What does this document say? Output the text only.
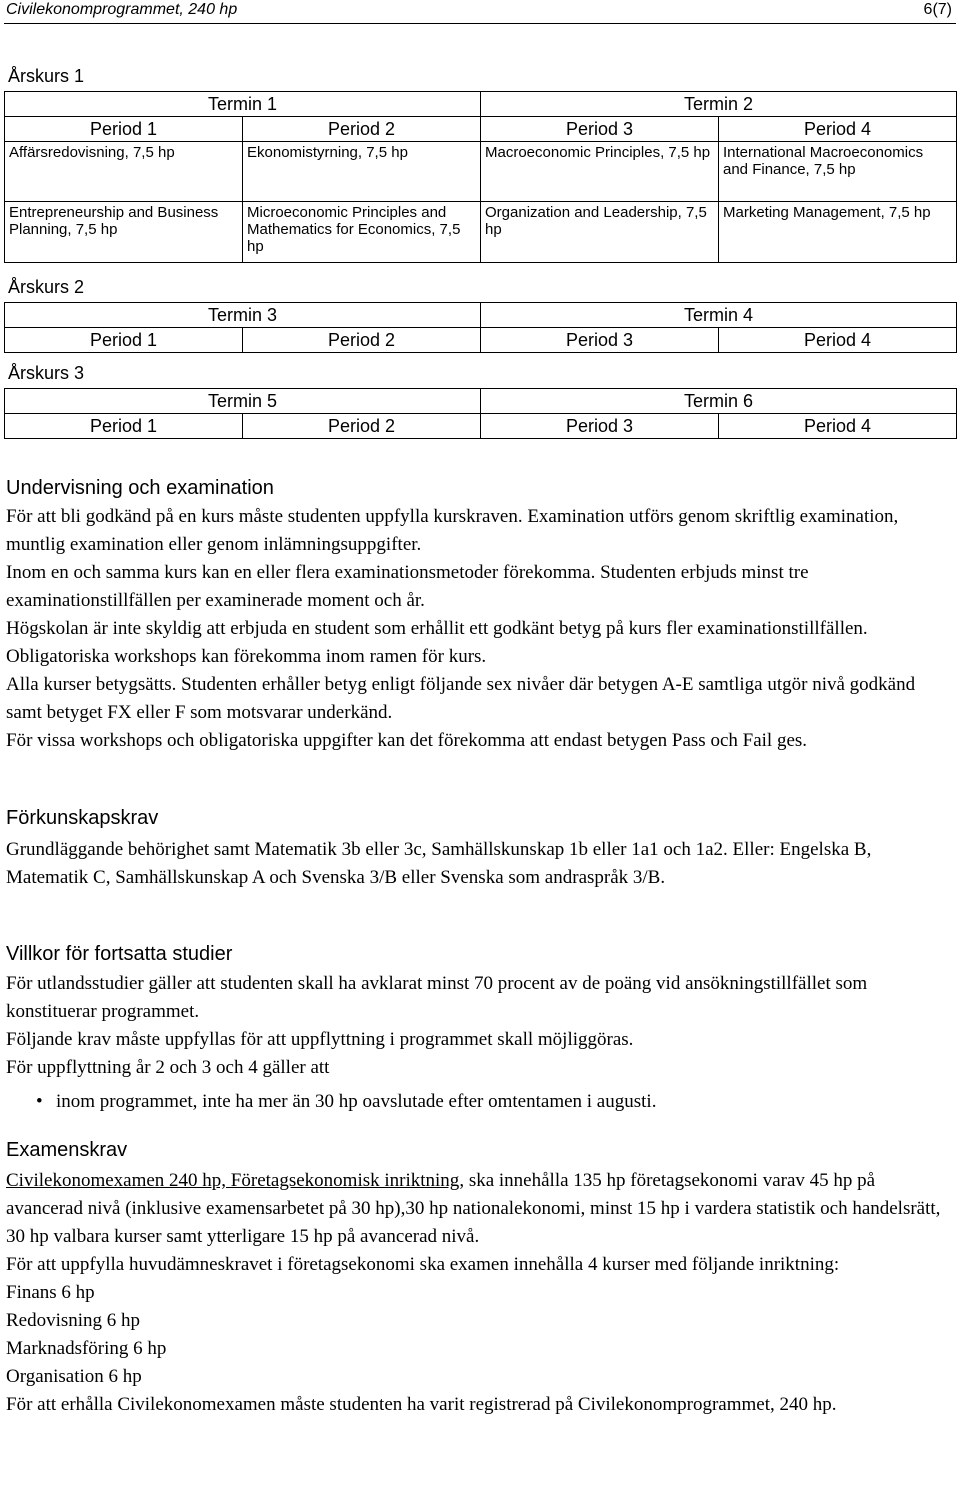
Civilekonomprogrammet, 240 hp	6(7)
Årskurs 1
Termin 1		Termin 2	
Period 1	Period 2	Period 3	Period 4
Affärsredovisning, 7,5 hp	Ekonomistyrning, 7,5 hp	Macroeconomic Principles, 7,5 hp	International Macroeconomics and Finance, 7,5 hp
Entrepreneurship and Business Planning, 7,5 hp	Microeconomic Principles and Mathematics for Economics, 7,5 hp	Organization and Leadership, 7,5 hp	Marketing Management, 7,5 hp
Årskurs 2
Termin 3		Termin 4	
Period 1	Period 2	Period 3	Period 4
Årskurs 3
Termin 5		Termin 6	
Period 1	Period 2	Period 3	Period 4
Undervisning och examination

För att bli godkänd på en kurs måste studenten uppfylla kurskraven. Examination utförs genom skriftlig examination, muntlig examination eller genom inlämningsuppgifter.

Inom en och samma kurs kan en eller flera examinationsmetoder förekomma. Studenten erbjuds minst tre examinationstillfällen per examinerade moment och år.

Högskolan är inte skyldig att erbjuda en student som erhållit ett godkänt betyg på kurs fler examinationstillfällen. Obligatoriska workshops kan förekomma inom ramen för kurs.

Alla kurser betygsätts. Studenten erhåller betyg enligt följande sex nivåer där betygen A-E samtliga utgör nivå godkänd samt betyget FX eller F som motsvarar underkänd.

För vissa workshops och obligatoriska uppgifter kan det förekomma att endast betygen Pass och Fail ges.

Förkunskapskrav

Grundläggande behörighet samt Matematik 3b eller 3c, Samhällskunskap 1b eller 1a1 och 1a2. Eller: Engelska B, Matematik C, Samhällskunskap A och Svenska 3/B eller Svenska som andraspråk 3/B.

Villkor för fortsatta studier

För utlandsstudier gäller att studenten skall ha avklarat minst 70 procent av de poäng vid ansökningstillfället som konstituerar programmet.

Följande krav måste uppfyllas för att uppflyttning i programmet skall möjliggöras.

För uppflyttning år 2 och 3 och 4 gäller att

• inom programmet, inte ha mer än 30 hp oavslutade efter omtentamen i augusti.

Examenskrav

Civilekonomexamen 240 hp, Företagsekonomisk inriktning, ska innehålla 135 hp företagsekonomi varav 45 hp på avancerad nivå (inklusive examensarbetet på 30 hp),30 hp nationalekonomi, minst 15 hp i vardera statistik och handelsrätt, 30 hp valbara kurser samt ytterligare 15 hp på avancerad nivå.

För att uppfylla huvudämneskravet i företagsekonomi ska examen innehålla 4 kurser med följande inriktning:

Finans 6 hp

Redovisning 6 hp

Marknadsföring 6 hp

Organisation 6 hp

För att erhålla Civilekonomexamen måste studenten ha varit registrerad på Civilekonomprogrammet, 240 hp.
